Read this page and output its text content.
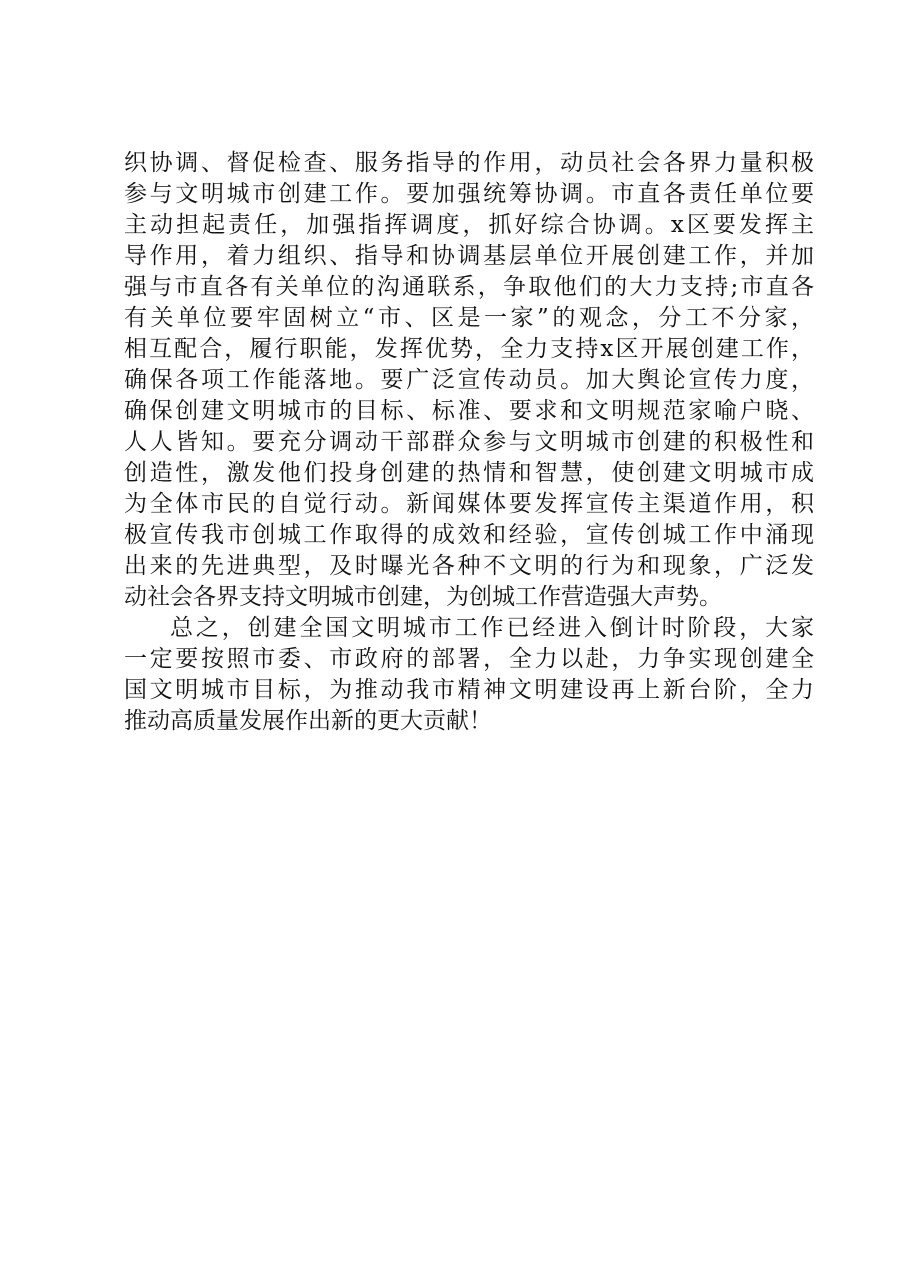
织协调、督促检查、服务指导的作用，动员社会各界力量积极
参与文明城市创建工作。要加强统筹协调。市直各责任单位要
主动担起责任，加强指挥调度，抓好综合协调。x区要发挥主
导作用，着力组织、指导和协调基层单位开展创建工作，并加
强与市直各有关单位的沟通联系，争取他们的大力支持;市直各
有关单位要牢固树立“市、区是一家”的观念，分工不分家，
相互配合，履行职能，发挥优势，全力支持x区开展创建工作，
确保各项工作能落地。要广泛宣传动员。加大舆论宣传力度，
确保创建文明城市的目标、标准、要求和文明规范家喻户晓、
人人皆知。要充分调动干部群众参与文明城市创建的积极性和
创造性，激发他们投身创建的热情和智慧，使创建文明城市成
为全体市民的自觉行动。新闻媒体要发挥宣传主渠道作用，积
极宣传我市创城工作取得的成效和经验，宣传创城工作中涌现
出来的先进典型，及时曝光各种不文明的行为和现象，广泛发
动社会各界支持文明城市创建，为创城工作营造强大声势。
总之，创建全国文明城市工作已经进入倒计时阶段，大家
一定要按照市委、市政府的部署，全力以赴，力争实现创建全
国文明城市目标，为推动我市精神文明建设再上新台阶，全力
推动高质量发展作出新的更大贡献！
